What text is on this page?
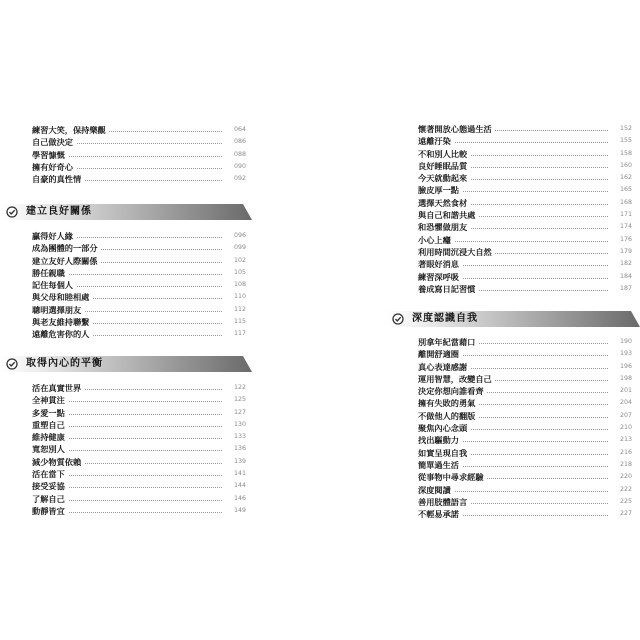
練習大笑，保持樂觀	064
自己做決定	086
學習慷慨	088
擁有好奇心	090
自豪的真性情	092
建立良好關係
贏得好人緣	096
成為團體的一部分	099
建立友好人際關係	102
勝任親職	105
記住每個人	108
與父母和睦相處	110
聰明選擇朋友	112
與老友維持聯繫	115
遠離危害你的人	117
取得內心的平衡
活在真實世界	122
全神貫注	125
多愛一點	127
重塑自己	130
維持健康	133
寬恕別人	136
減少物質依賴	139
活在當下	141
接受妥協	144
了解自己	146
動靜皆宜	149
懷著開放心態過生活	152
遠離汙染	155
不和別人比較	158
良好睡眠品質	160
今天就動起來	162
臉皮厚一點	165
選擇天然食材	168
與自己和諧共處	171
和恐懼做朋友	174
小心上癮	176
利用時間沉浸大自然	179
著眼好消息	182
練習深呼吸	184
養成寫日記習慣	187
深度認識自我
別拿年紀當藉口	190
離開舒適圈	193
真心表達感謝	196
運用智慧，改變自己	198
決定你想向誰看齊	201
擁有失敗的勇氣	204
不做他人的翻版	207
聚焦內心念頭	210
找出驅動力	213
如實呈現自我	216
簡單過生活	218
從事物中尋求經驗	220
深度閱讀	222
善用肢體語言	225
不輕易承諾	227
